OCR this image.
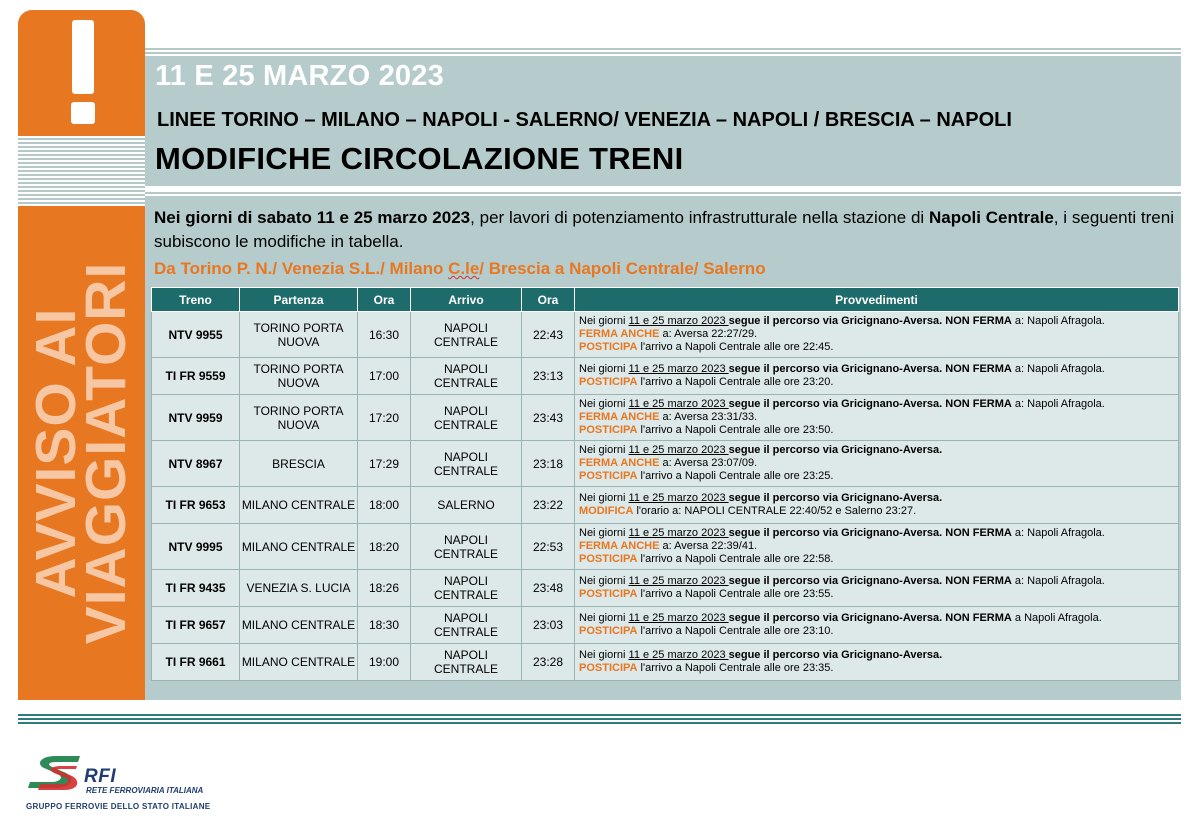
AVVISO AI
VIAGGIATORI
11 E 25 MARZO 2023
LINEE TORINO – MILANO – NAPOLI - SALERNO/ VENEZIA – NAPOLI / BRESCIA – NAPOLI
MODIFICHE CIRCOLAZIONE TRENI
Nei giorni di sabato 11 e 25 marzo 2023, per lavori di potenziamento infrastrutturale nella stazione di Napoli Centrale, i seguenti treni subiscono le modifiche in tabella.
Da Torino P. N./ Venezia S.L./ Milano C.le/ Brescia a Napoli Centrale/ Salerno
Treno	Partenza	Ora	Arrivo	Ora	Provvedimenti
NTV 9955	TORINO PORTA NUOVA	16:30	NAPOLI CENTRALE	22:43	Nei giorni 11 e 25 marzo 2023 segue il percorso via Gricignano-Aversa. NON FERMA a: Napoli Afragola.
FERMA ANCHE a: Aversa 22:27/29.
POSTICIPA l'arrivo a Napoli Centrale alle ore 22:45.

TI FR 9559	TORINO PORTA NUOVA	17:00	NAPOLI CENTRALE	23:13	Nei giorni 11 e 25 marzo 2023 segue il percorso via Gricignano-Aversa. NON FERMA a: Napoli Afragola.
POSTICIPA l'arrivo a Napoli Centrale alle ore 23:20.

NTV 9959	TORINO PORTA NUOVA	17:20	NAPOLI CENTRALE	23:43	Nei giorni 11 e 25 marzo 2023 segue il percorso via Gricignano-Aversa. NON FERMA a: Napoli Afragola.
FERMA ANCHE a: Aversa 23:31/33.
POSTICIPA l'arrivo a Napoli Centrale alle ore 23:50.

NTV 8967	BRESCIA	17:29	NAPOLI CENTRALE	23:18	Nei giorni 11 e 25 marzo 2023 segue il percorso via Gricignano-Aversa.
FERMA ANCHE a: Aversa 23:07/09.
POSTICIPA l'arrivo a Napoli Centrale alle ore 23:25.

TI FR 9653	MILANO CENTRALE	18:00	SALERNO	23:22	Nei giorni 11 e 25 marzo 2023 segue il percorso via Gricignano-Aversa.
MODIFICA l'orario a: NAPOLI CENTRALE 22:40/52 e Salerno 23:27.

NTV 9995	MILANO CENTRALE	18:20	NAPOLI CENTRALE	22:53	Nei giorni 11 e 25 marzo 2023 segue il percorso via Gricignano-Aversa. NON FERMA a: Napoli Afragola.
FERMA ANCHE a: Aversa 22:39/41.
POSTICIPA l'arrivo a Napoli Centrale alle ore 22:58.

TI FR 9435	VENEZIA S. LUCIA	18:26	NAPOLI CENTRALE	23:48	Nei giorni 11 e 25 marzo 2023 segue il percorso via Gricignano-Aversa. NON FERMA a: Napoli Afragola.
POSTICIPA l'arrivo a Napoli Centrale alle ore 23:55.

TI FR 9657	MILANO CENTRALE	18:30	NAPOLI CENTRALE	23:03	Nei giorni 11 e 25 marzo 2023 segue il percorso via Gricignano-Aversa. NON FERMA a Napoli Afragola.
POSTICIPA l'arrivo a Napoli Centrale alle ore 23:10.

TI FR 9661	MILANO CENTRALE	19:00	NAPOLI CENTRALE	23:28	Nei giorni 11 e 25 marzo 2023 segue il percorso via Gricignano-Aversa.
POSTICIPA l'arrivo a Napoli Centrale alle ore 23:35.
RFI
RETE FERROVIARIA ITALIANA
GRUPPO FERROVIE DELLO STATO ITALIANE
